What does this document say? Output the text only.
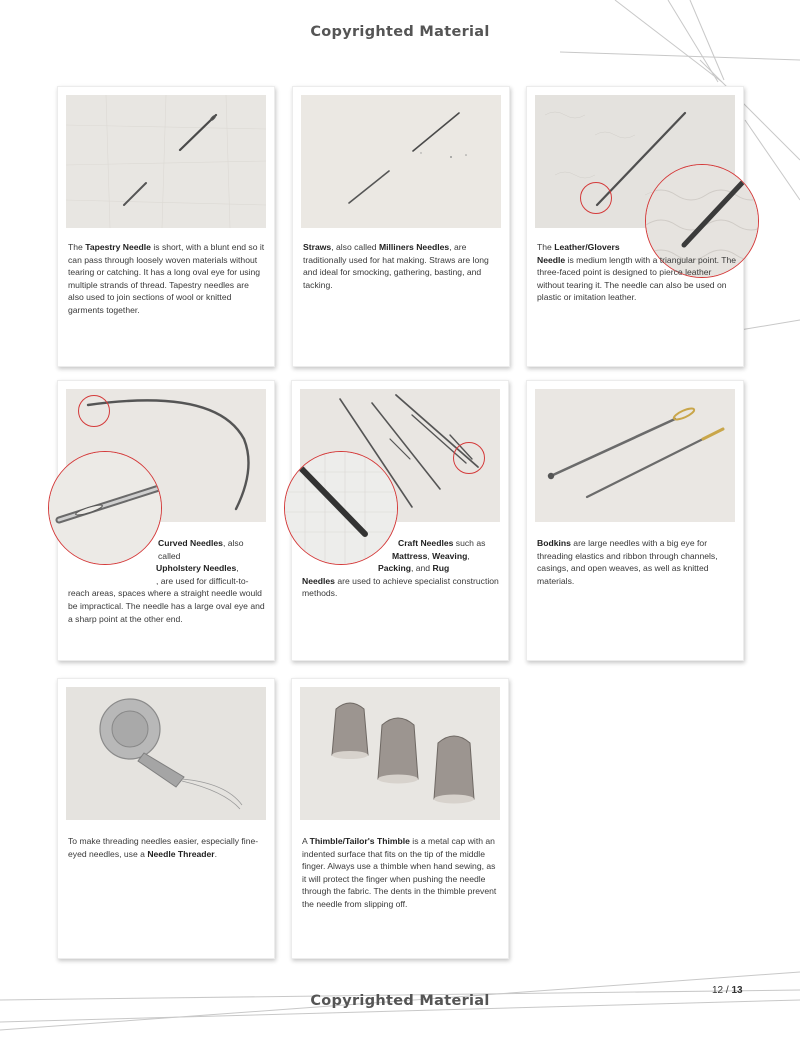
Copyrighted Material
The Tapestry Needle is short, with a blunt end so it can pass through loosely woven materials without tearing or catching. It has a long oval eye for using multiple strands of thread. Tapestry needles are also used to join sections of wool or knitted garments together.
Straws, also called Milliners Needles, are traditionally used for hat making. Straws are long and ideal for smocking, gathering, basting, and tacking.
The Leather/Glovers
Needle is medium length with a triangular point. The three-faced point is designed to pierce leather without tearing it. The needle can also be used on plastic or imitation leather.
Curved Needles, also called
Upholstery Needles,
, are used for difficult-to-reach areas, spaces where a straight needle would be impractical. The needle has a large oval eye and a sharp point at the other end.
Craft Needles such as
Mattress, Weaving,
Packing, and Rug
Needles are used to achieve specialist construction methods.
Bodkins are large needles with a big eye for threading elastics and ribbon through channels, casings, and open weaves, as well as knitted materials.
To make threading needles easier, especially fine-eyed needles, use a Needle Threader.
A Thimble/Tailor's Thimble is a metal cap with an indented surface that fits on the tip of the middle finger. Always use a thimble when hand sewing, as it will protect the finger when pushing the needle through the fabric. The dents in the thimble prevent the needle from slipping off.
12 / 13
Copyrighted Material
